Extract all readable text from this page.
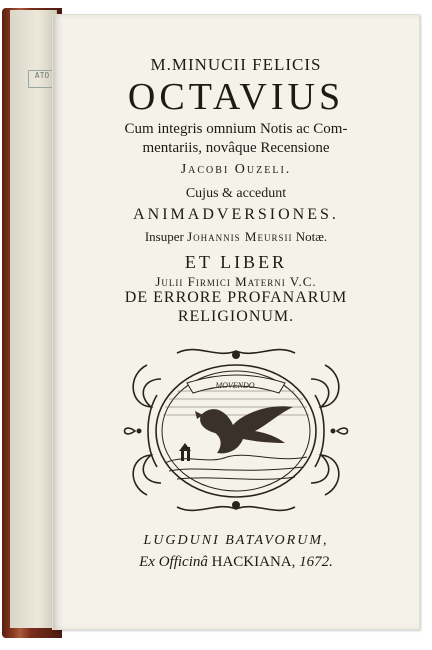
ATO
M.MINUCII FELICIS
OCTAVIUS
Cum integris omnium Notis ac Com-
mentariis, novâque Recensione
Jacobi Ouzeli.
Cujus & accedunt
ANIMADVERSIONES.
Insuper Johannis Meursii Notæ.
ET LIBER
Julii Firmici Materni V.C.
DE ERRORE PROFANARUM
RELIGIONUM.
MOVENDO.
LUGDUNI BATAVORUM,
Ex Officinâ HACKIANA, 1672.
